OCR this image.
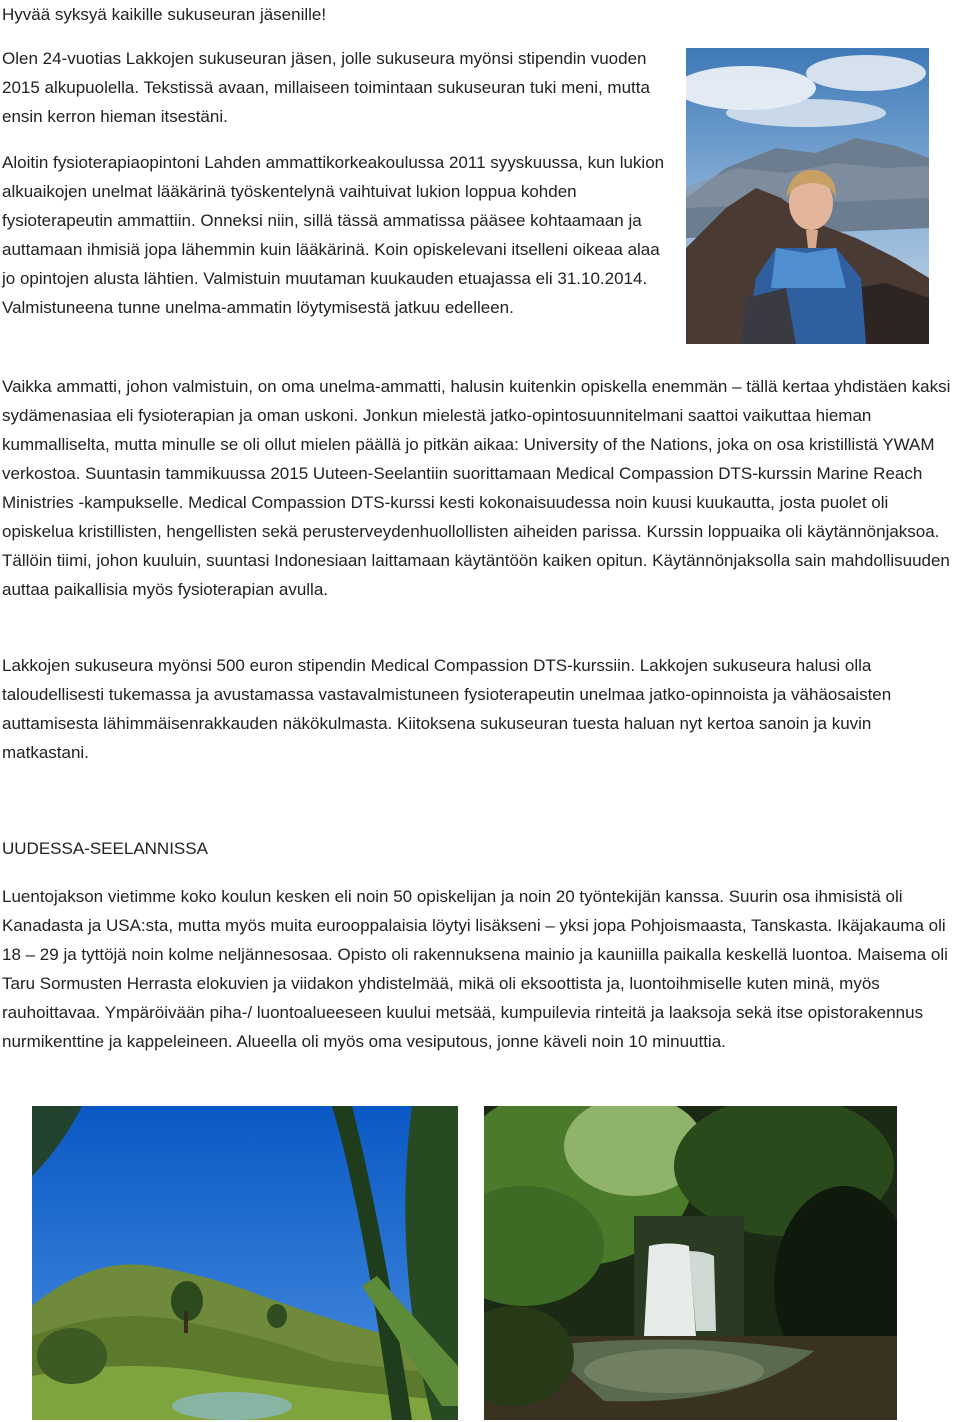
Hyvää syksyä kaikille sukuseuran jäsenille!

Olen 24-vuotias Lakkojen sukuseuran jäsen, jolle sukuseura myönsi stipendin vuoden 2015 alkupuolella. Tekstissä avaan, millaiseen toimintaan sukuseuran tuki meni, mutta ensin kerron hieman itsestäni.

Aloitin fysioterapiaopintoni Lahden ammattikorkeakoulussa 2011 syyskuussa, kun lukion alkuaikojen unelmat lääkärinä työskentelynä vaihtuivat lukion loppua kohden fysioterapeutin ammattiin. Onneksi niin, sillä tässä ammatissa pääsee kohtaamaan ja auttamaan ihmisiä jopa lähemmin kuin lääkärinä. Koin opiskelevani itselleni oikeaa alaa jo opintojen alusta lähtien. Valmistuin muutaman kuukauden etuajassa eli 31.10.2014. Valmistuneena tunne unelma-ammatin löytymisestä jatkuu edelleen.

Vaikka ammatti, johon valmistuin, on oma unelma-ammatti, halusin kuitenkin opiskella enemmän – tällä kertaa yhdistäen kaksi sydämenasiaa eli fysioterapian ja oman uskoni. Jonkun mielestä jatko-opintosuunnitelmani saattoi vaikuttaa hieman kummalliselta, mutta minulle se oli ollut mielen päällä jo pitkän aikaa: University of the Nations, joka on osa kristillistä YWAM verkostoa. Suuntasin tammikuussa 2015 Uuteen-Seelantiin suorittamaan Medical Compassion DTS-kurssin Marine Reach Ministries -kampukselle. Medical Compassion DTS-kurssi kesti kokonaisuudessa noin kuusi kuukautta, josta puolet oli opiskelua kristillisten, hengellisten sekä perusterveydenhuollollisten aiheiden parissa. Kurssin loppuaika oli käytännönjaksoa. Tällöin tiimi, johon kuuluin, suuntasi Indonesiaan laittamaan käytäntöön kaiken opitun. Käytännönjaksolla sain mahdollisuuden auttaa paikallisia myös fysioterapian avulla.

Lakkojen sukuseura myönsi 500 euron stipendin Medical Compassion DTS-kurssiin. Lakkojen sukuseura halusi olla taloudellisesti tukemassa ja avustamassa vastavalmistuneen fysioterapeutin unelmaa jatko-opinnoista ja vähäosaisten auttamisesta lähimmäisenrakkauden näkökulmasta. Kiitoksena sukuseuran tuesta haluan nyt kertoa sanoin ja kuvin matkastani.

UUDESSA-SEELANNISSA

Luentojakson vietimme koko koulun kesken eli noin 50 opiskelijan ja noin 20 työntekijän kanssa. Suurin osa ihmisistä oli Kanadasta ja USA:sta, mutta myös muita eurooppalaisia löytyi lisäkseni – yksi jopa Pohjoismaasta, Tanskasta. Ikäjakauma oli 18 – 29 ja tyttöjä noin kolme neljännesosaa. Opisto oli rakennuksena mainio ja kauniilla paikalla keskellä luontoa. Maisema oli Taru Sormusten Herrasta elokuvien ja viidakon yhdistelmää, mikä oli eksoottista ja, luontoihmiselle kuten minä, myös rauhoittavaa. Ympäröivään piha-/ luontoalueeseen kuului metsää, kumpuilevia rinteitä ja laaksoja sekä itse opistorakennus nurmikenttine ja kappeleineen. Alueella oli myös oma vesiputous, jonne käveli noin 10 minuuttia.
